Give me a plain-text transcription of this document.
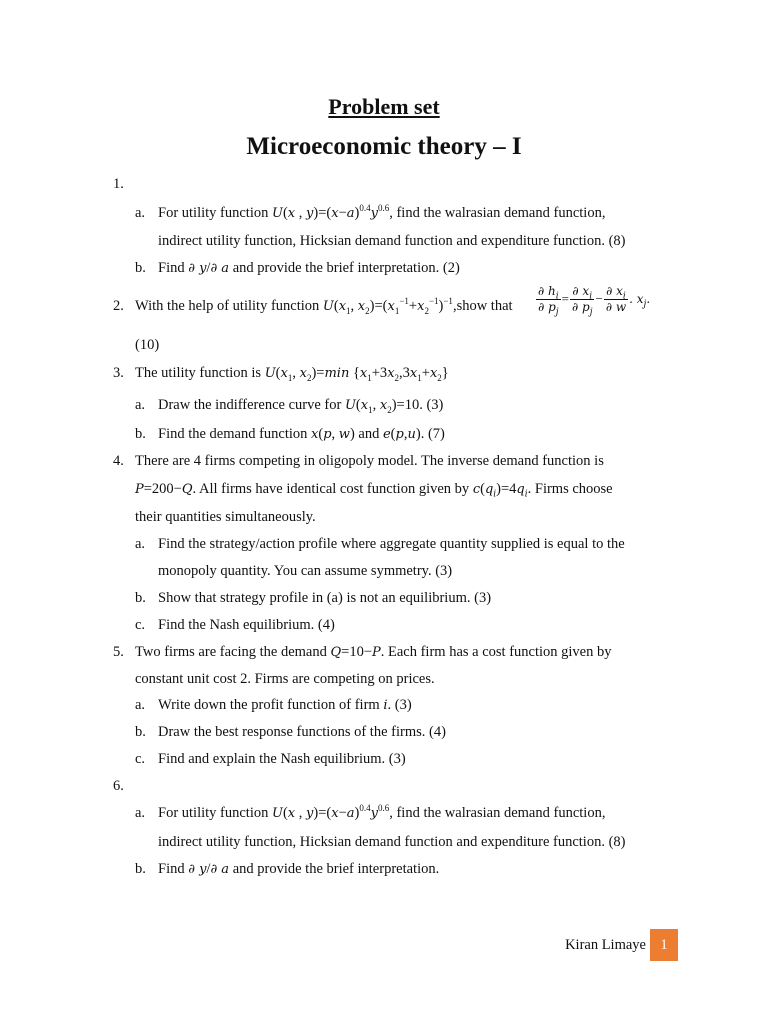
Problem set
Microeconomic theory – I
1.
a. For utility function U(x , $y)=(x-a)^{0.4}y^{0.6}$, find the walrasian demand function,
indirect utility function, Hicksian demand function and expenditure function. (8)
b. Find ∂ y/∂ a and provide the brief interpretation. (2)
2. With the help of utility function $U(x_1$, $x_2)=(x_1^{-1}+x_2^{-1})^{-1},show$ that $\frac{\partial h_i}{\partial p_j} = \frac{\partial x_i}{\partial p_j} - \frac{\partial x_i}{\partial w}$ . $x_j$.
(10)
3. The utility function is $U(x_1$, $x_2)=\min$ $\{x_1+3x_2,3x_1+x_2\}$
a. Draw the indifference curve for $U(x_1$, $x_2)=10$. (3)
b. Find the demand function x(p, w) and e(p,u). (7)
4. There are 4 firms competing in oligopoly model. The inverse demand function is
P=200−Q. All firms have identical cost function given by $c(q_i)=4q_i$. Firms choose
their quantities simultaneously.
a. Find the strategy/action profile where aggregate quantity supplied is equal to the
monopoly quantity. You can assume symmetry. (3)
b. Show that strategy profile in (a) is not an equilibrium. (3)
c. Find the Nash equilibrium. (4)
5. Two firms are facing the demand Q=10−P. Each firm has a cost function given by
constant unit cost 2. Firms are competing on prices.
a. Write down the profit function of firm i. (3)
b. Draw the best response functions of the firms. (4)
c. Find and explain the Nash equilibrium. (3)
6.
a. For utility function U(x , $y)=(x-a)^{0.4}y^{0.6}$, find the walrasian demand function,
indirect utility function, Hicksian demand function and expenditure function. (8)
b. Find ∂ y/∂ a and provide the brief interpretation.
Kiran Limaye 1
